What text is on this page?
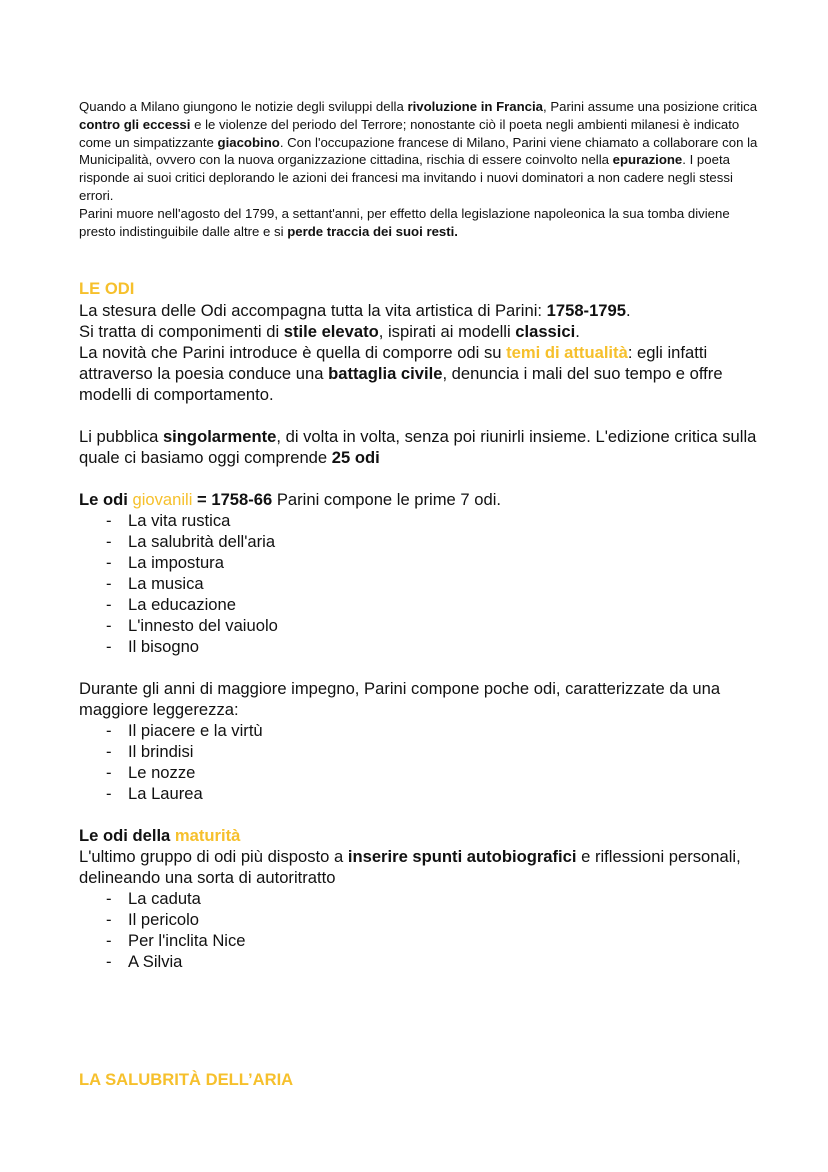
Quando a Milano giungono le notizie degli sviluppi della rivoluzione in Francia, Parini assume una posizione critica contro gli eccessi e le violenze del periodo del Terrore; nonostante ciò il poeta negli ambienti milanesi è indicato come un simpatizzante giacobino. Con l'occupazione francese di Milano, Parini viene chiamato a collaborare con la Municipalità, ovvero con la nuova organizzazione cittadina, rischia di essere coinvolto nella epurazione. I poeta risponde ai suoi critici deplorando le azioni dei francesi ma invitando i nuovi dominatori a non cadere negli stessi errori.

Parini muore nell'agosto del 1799, a settant'anni, per effetto della legislazione napoleonica la sua tomba diviene presto indistinguibile dalle altre e si perde traccia dei suoi resti.

LE ODI

La stesura delle Odi accompagna tutta la vita artistica di Parini: 1758-1795.

Si tratta di componimenti di stile elevato, ispirati ai modelli classici.

La novità che Parini introduce è quella di comporre odi su temi di attualità: egli infatti attraverso la poesia conduce una battaglia civile, denuncia i mali del suo tempo e offre modelli di comportamento.

Li pubblica singolarmente, di volta in volta, senza poi riunirli insieme. L'edizione critica sulla quale ci basiamo oggi comprende 25 odi

Le odi giovanili = 1758-66 Parini compone le prime 7 odi.

- La vita rustica
- La salubrità dell'aria
- La impostura
- La musica
- La educazione
- L'innesto del vaiuolo
- Il bisogno

Durante gli anni di maggiore impegno, Parini compone poche odi, caratterizzate da una maggiore leggerezza:

- Il piacere e la virtù
- Il brindisi
- Le nozze
- La Laurea

Le odi della maturità

L'ultimo gruppo di odi più disposto a inserire spunti autobiografici e riflessioni personali, delineando una sorta di autoritratto

- La caduta
- Il pericolo
- Per l'inclita Nice
- A Silvia
LA SALUBRITÀ DELL’ARIA
